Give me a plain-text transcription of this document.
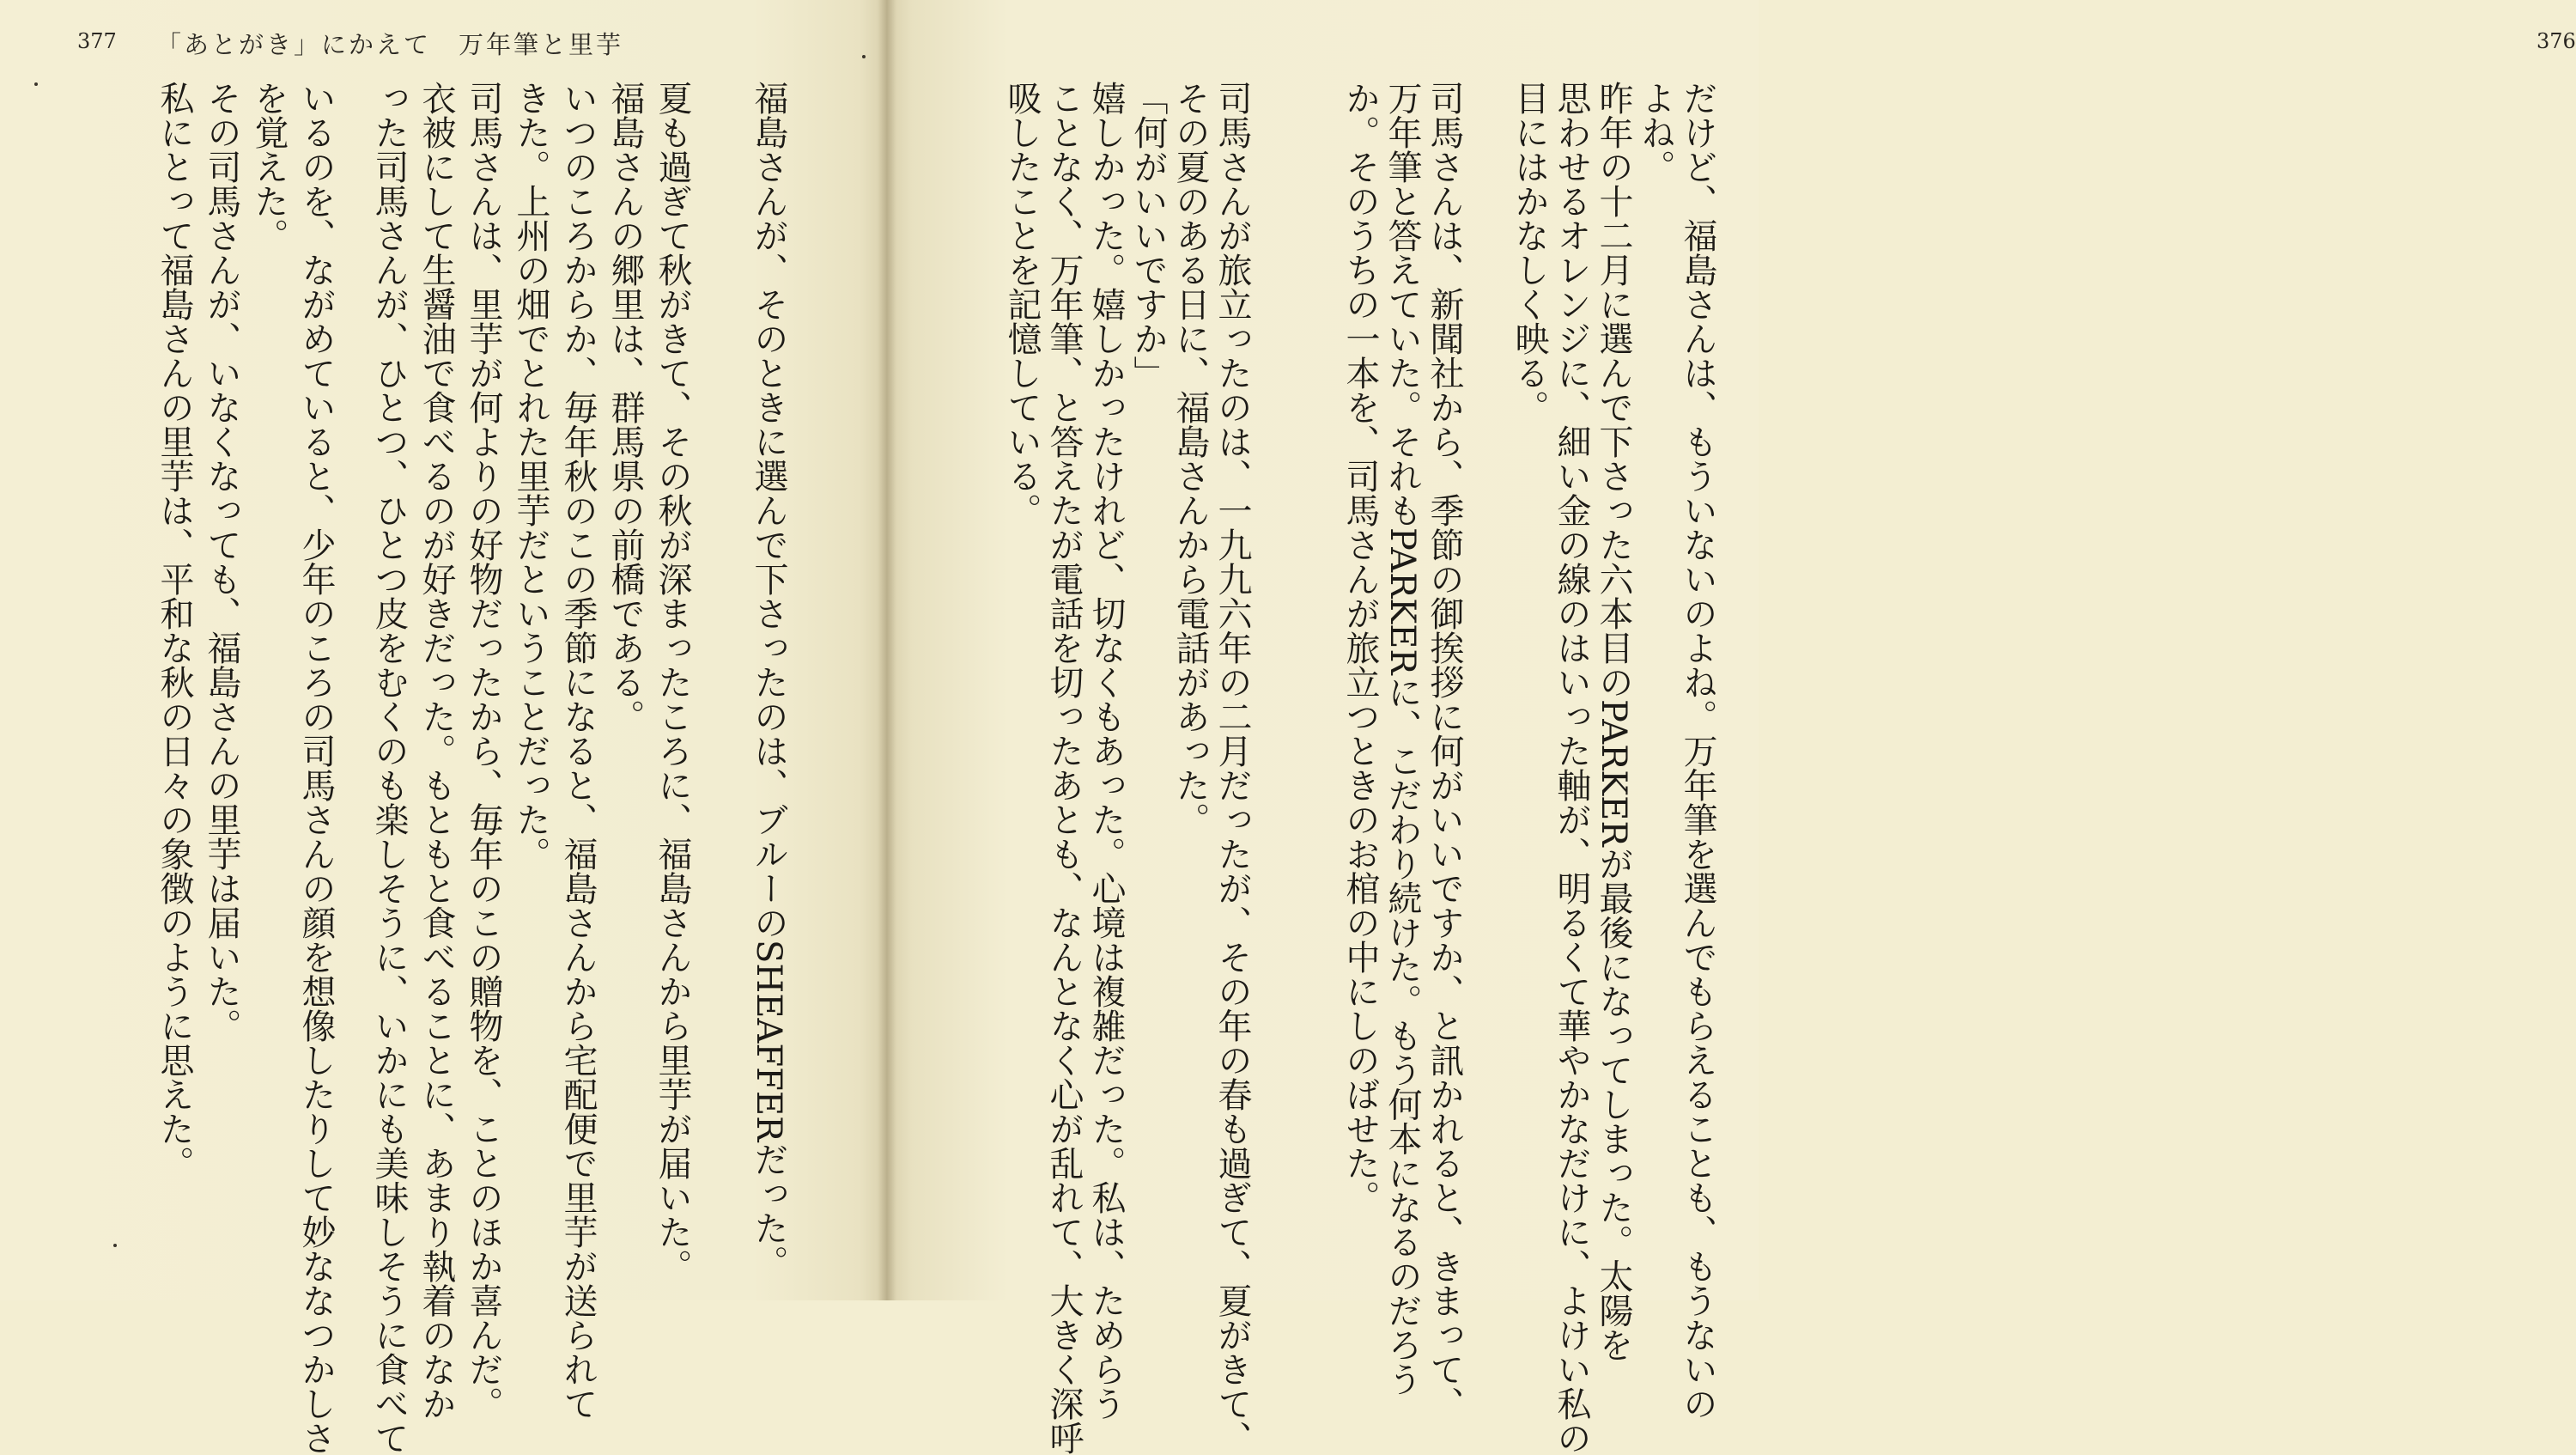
376
377 「あとがき」にかえて　万年筆と里芋
だけど、福島さんは、もういないのよね。万年筆を選んでもらえることも、もうないの
よね。
昨年の十二月に選んで下さった六本目のPARKERが最後になってしまった。太陽を
思わせるオレンジに、細い金の線のはいった軸が、明るくて華やかなだけに、よけい私の
目にはかなしく映る。
司馬さんは、新聞社から、季節の御挨拶に何がいいですか、と訊かれると、きまって、
万年筆と答えていた。それもPARKERに、こだわり続けた。もう何本になるのだろう
か。そのうちの一本を、司馬さんが旅立つときのお棺の中にしのばせた。
司馬さんが旅立ったのは、一九九六年の二月だったが、その年の春も過ぎて、夏がきて、
その夏のある日に、福島さんから電話があった。
「何がいいですか」
嬉しかった。嬉しかったけれど、切なくもあった。心境は複雑だった。私は、ためらう
ことなく、万年筆、と答えたが電話を切ったあとも、なんとなく心が乱れて、大きく深呼
吸したことを記憶している。
福島さんが、そのときに選んで下さったのは、ブルーのSHEAFFERだった。
夏も過ぎて秋がきて、その秋が深まったころに、福島さんから里芋が届いた。
福島さんの郷里は、群馬県の前橋である。
いつのころからか、毎年秋のこの季節になると、福島さんから宅配便で里芋が送られて
きた。上州の畑でとれた里芋だということだった。
司馬さんは、里芋が何よりの好物だったから、毎年のこの贈物を、ことのほか喜んだ。
衣被にして生醤油で食べるのが好きだった。もともと食べることに、あまり執着のなか
った司馬さんが、ひとつ、ひとつ皮をむくのも楽しそうに、いかにも美味しそうに食べて
いるのを、ながめていると、少年のころの司馬さんの顔を想像したりして妙ななつかしさ
を覚えた。
その司馬さんが、いなくなっても、福島さんの里芋は届いた。
私にとって福島さんの里芋は、平和な秋の日々の象徴のように思えた。
